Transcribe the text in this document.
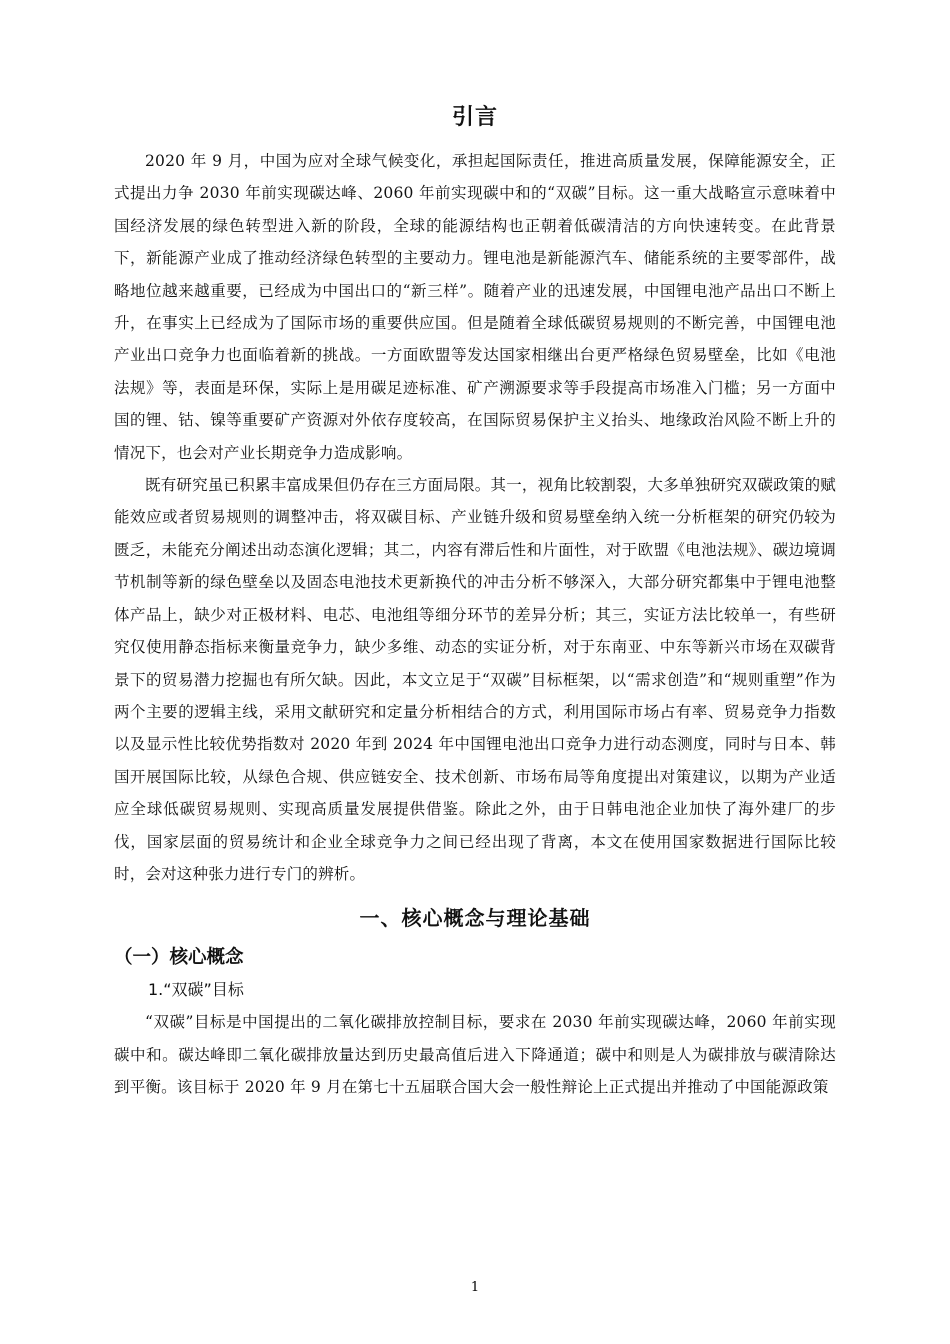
引言

2020 年 9 月，中国为应对全球气候变化，承担起国际责任，推进高质量发展，保障能源安全，正式提出力争 2030 年前实现碳达峰、2060 年前实现碳中和的“双碳”目标。这一重大战略宣示意味着中国经济发展的绿色转型进入新的阶段，全球的能源结构也正朝着低碳清洁的方向快速转变。在此背景下，新能源产业成了推动经济绿色转型的主要动力。锂电池是新能源汽车、储能系统的主要零部件，战略地位越来越重要，已经成为中国出口的“新三样”。随着产业的迅速发展，中国锂电池产品出口不断上升，在事实上已经成为了国际市场的重要供应国。但是随着全球低碳贸易规则的不断完善，中国锂电池产业出口竞争力也面临着新的挑战。一方面欧盟等发达国家相继出台更严格绿色贸易壁垒，比如《电池法规》等，表面是环保，实际上是用碳足迹标准、矿产溯源要求等手段提高市场准入门槛；另一方面中国的锂、钴、镍等重要矿产资源对外依存度较高，在国际贸易保护主义抬头、地缘政治风险不断上升的情况下，也会对产业长期竞争力造成影响。

既有研究虽已积累丰富成果但仍存在三方面局限。其一，视角比较割裂，大多单独研究双碳政策的赋能效应或者贸易规则的调整冲击，将双碳目标、产业链升级和贸易壁垒纳入统一分析框架的研究仍较为匮乏，未能充分阐述出动态演化逻辑；其二，内容有滞后性和片面性，对于欧盟《电池法规》、碳边境调节机制等新的绿色壁垒以及固态电池技术更新换代的冲击分析不够深入，大部分研究都集中于锂电池整体产品上，缺少对正极材料、电芯、电池组等细分环节的差异分析；其三，实证方法比较单一，有些研究仅使用静态指标来衡量竞争力，缺少多维、动态的实证分析，对于东南亚、中东等新兴市场在双碳背景下的贸易潜力挖掘也有所欠缺。因此，本文立足于“双碳”目标框架，以“需求创造”和“规则重塑”作为两个主要的逻辑主线，采用文献研究和定量分析相结合的方式，利用国际市场占有率、贸易竞争力指数以及显示性比较优势指数对 2020 年到 2024 年中国锂电池出口竞争力进行动态测度，同时与日本、韩国开展国际比较，从绿色合规、供应链安全、技术创新、市场布局等角度提出对策建议，以期为产业适应全球低碳贸易规则、实现高质量发展提供借鉴。除此之外，由于日韩电池企业加快了海外建厂的步伐，国家层面的贸易统计和企业全球竞争力之间已经出现了背离，本文在使用国家数据进行国际比较时，会对这种张力进行专门的辨析。

一、核心概念与理论基础
（一）核心概念
1.“双碳”目标

“双碳”目标是中国提出的二氧化碳排放控制目标，要求在 2030 年前实现碳达峰，2060 年前实现碳中和。碳达峰即二氧化碳排放量达到历史最高值后进入下降通道；碳中和则是人为碳排放与碳清除达到平衡。该目标于 2020 年 9 月在第七十五届联合国大会一般性辩论上正式提出并推动了中国能源政策

1
